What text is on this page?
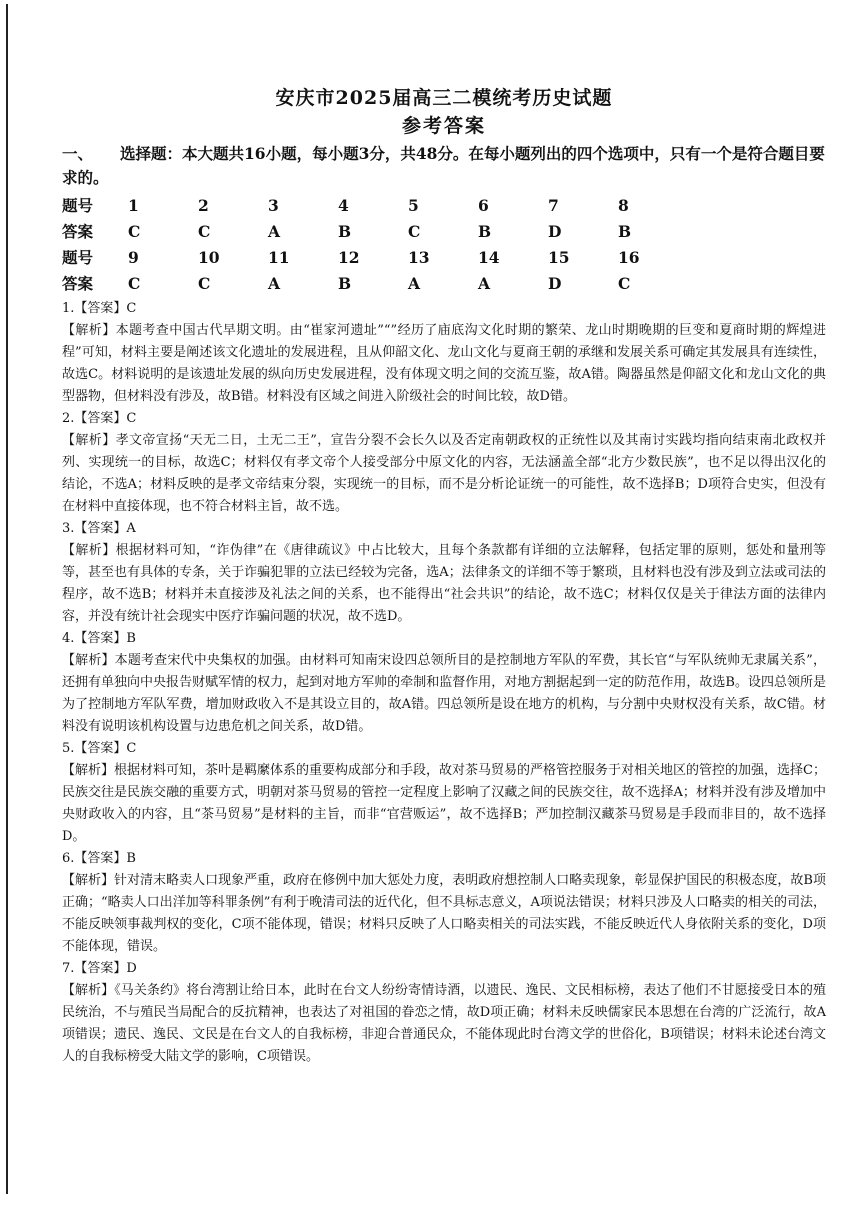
安庆市2025届高三二模统考历史试题
参考答案
一、 选择题：本大题共16小题，每小题3分，共48分。在每小题列出的四个选项中，只有一个是符合题目要求的。
题号	1	2	3	4	5	6	7	8
答案	C	C	A	B	C	B	D	B
题号	9	10	11	12	13	14	15	16
答案	C	C	A	B	A	A	D	C
1.【答案】C
【解析】本题考查中国古代早期文明。由“崔家河遗址”“”经历了庙底沟文化时期的繁荣、龙山时期晚期的巨变和夏商时期的辉煌进程”可知，材料主要是阐述该文化遗址的发展进程，且从仰韶文化、龙山文化与夏商王朝的承继和发展关系可确定其发展具有连续性，故选C。材料说明的是该遗址发展的纵向历史发展进程，没有体现文明之间的交流互鉴，故A错。陶器虽然是仰韶文化和龙山文化的典型器物，但材料没有涉及，故B错。材料没有区域之间进入阶级社会的时间比较，故D错。
2.【答案】C
【解析】孝文帝宣扬“天无二日，土无二王”，宣告分裂不会长久以及否定南朝政权的正统性以及其南讨实践均指向结束南北政权并列、实现统一的目标，故选C；材料仅有孝文帝个人接受部分中原文化的内容，无法涵盖全部“北方少数民族”，也不足以得出汉化的结论，不选A；材料反映的是孝文帝结束分裂，实现统一的目标，而不是分析论证统一的可能性，故不选择B；D项符合史实，但没有在材料中直接体现，也不符合材料主旨，故不选。
3.【答案】A
【解析】根据材料可知，“诈伪律”在《唐律疏议》中占比较大，且每个条款都有详细的立法解释，包括定罪的原则，惩处和量刑等等，甚至也有具体的专条，关于诈骗犯罪的立法已经较为完备，选A；法律条文的详细不等于繁琐，且材料也没有涉及到立法或司法的程序，故不选B；材料并未直接涉及礼法之间的关系，也不能得出“社会共识”的结论，故不选C；材料仅仅是关于律法方面的法律内容，并没有统计社会现实中医疗诈骗问题的状况，故不选D。
4.【答案】B
【解析】本题考查宋代中央集权的加强。由材料可知南宋设四总领所目的是控制地方军队的军费，其长官“与军队统帅无隶属关系”，还拥有单独向中央报告财赋军情的权力，起到对地方军帅的牵制和监督作用，对地方割据起到一定的防范作用，故选B。设四总领所是为了控制地方军队军费，增加财政收入不是其设立目的，故A错。四总领所是设在地方的机构，与分割中央财权没有关系，故C错。材料没有说明该机构设置与边患危机之间关系，故D错。
5.【答案】C
【解析】根据材料可知，茶叶是羁縻体系的重要构成部分和手段，故对茶马贸易的严格管控服务于对相关地区的管控的加强，选择C；民族交往是民族交融的重要方式，明朝对茶马贸易的管控一定程度上影响了汉藏之间的民族交往，故不选择A；材料并没有涉及增加中央财政收入的内容，且“茶马贸易”是材料的主旨，而非“官营贩运”，故不选择B；严加控制汉藏茶马贸易是手段而非目的，故不选择D。
6.【答案】B
【解析】针对清末略卖人口现象严重，政府在修例中加大惩处力度，表明政府想控制人口略卖现象，彰显保护国民的积极态度，故B项正确；“略卖人口出洋加等科罪条例”有利于晚清司法的近代化，但不具标志意义，A项说法错误；材料只涉及人口略卖的相关的司法，不能反映领事裁判权的变化，C项不能体现，错误；材料只反映了人口略卖相关的司法实践，不能反映近代人身依附关系的变化，D项不能体现，错误。
7.【答案】D
【解析】《马关条约》将台湾割让给日本，此时在台文人纷纷寄情诗酒，以遗民、逸民、文民相标榜，表达了他们不甘愿接受日本的殖民统治，不与殖民当局配合的反抗精神，也表达了对祖国的眷恋之情，故D项正确；材料未反映儒家民本思想在台湾的广泛流行，故A项错误；遗民、逸民、文民是在台文人的自我标榜，非迎合普通民众，不能体现此时台湾文学的世俗化，B项错误；材料未论述台湾文人的自我标榜受大陆文学的影响，C项错误。
